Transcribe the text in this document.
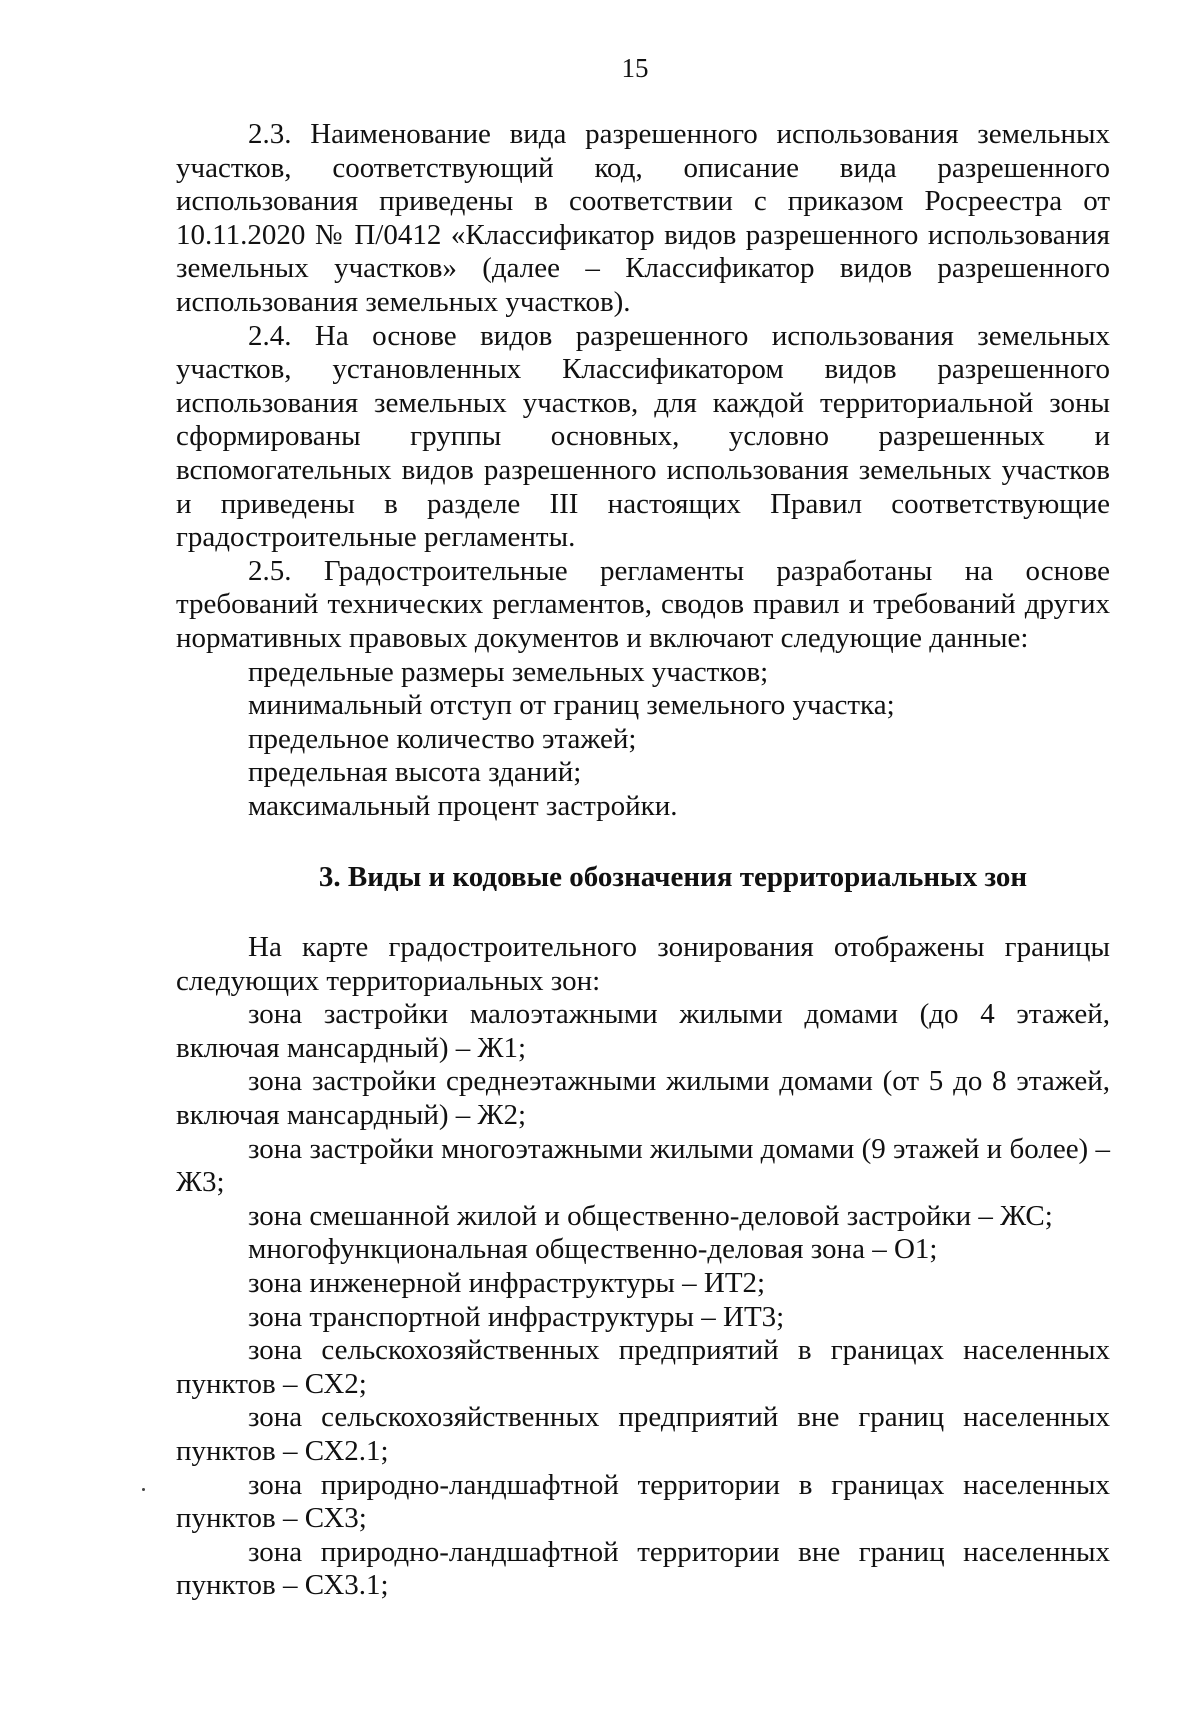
15

2.3. Наименование вида разрешенного использования земельных участков, соответствующий код, описание вида разрешенного использования приведены в соответствии с приказом Росреестра от 10.11.2020 № П/0412 «Классификатор видов разрешенного использования земельных участков» (далее – Классификатор видов разрешенного использования земельных участков).

2.4. На основе видов разрешенного использования земельных участков, установленных Классификатором видов разрешенного использования земельных участков, для каждой территориальной зоны сформированы группы основных, условно разрешенных и вспомогательных видов разрешенного использования земельных участков и приведены в разделе III настоящих Правил соответствующие градостроительные регламенты.

2.5. Градостроительные регламенты разработаны на основе требований технических регламентов, сводов правил и требований других нормативных правовых документов и включают следующие данные:

предельные размеры земельных участков;

минимальный отступ от границ земельного участка;

предельное количество этажей;

предельная высота зданий;

максимальный процент застройки.

3. Виды и кодовые обозначения территориальных зон

На карте градостроительного зонирования отображены границы следующих территориальных зон:

зона застройки малоэтажными жилыми домами (до 4 этажей, включая мансардный) – Ж1;

зона застройки среднеэтажными жилыми домами (от 5 до 8 этажей, включая мансардный) – Ж2;

зона застройки многоэтажными жилыми домами (9 этажей и более) – Ж3;

зона смешанной жилой и общественно-деловой застройки – ЖС;

многофункциональная общественно-деловая зона – О1;

зона инженерной инфраструктуры – ИТ2;

зона транспортной инфраструктуры – ИТ3;

зона сельскохозяйственных предприятий в границах населенных пунктов – СХ2;

зона сельскохозяйственных предприятий вне границ населенных пунктов – СХ2.1;

зона природно-ландшафтной территории в границах населенных пунктов – СХ3;

зона природно-ландшафтной территории вне границ населенных пунктов – СХ3.1;
